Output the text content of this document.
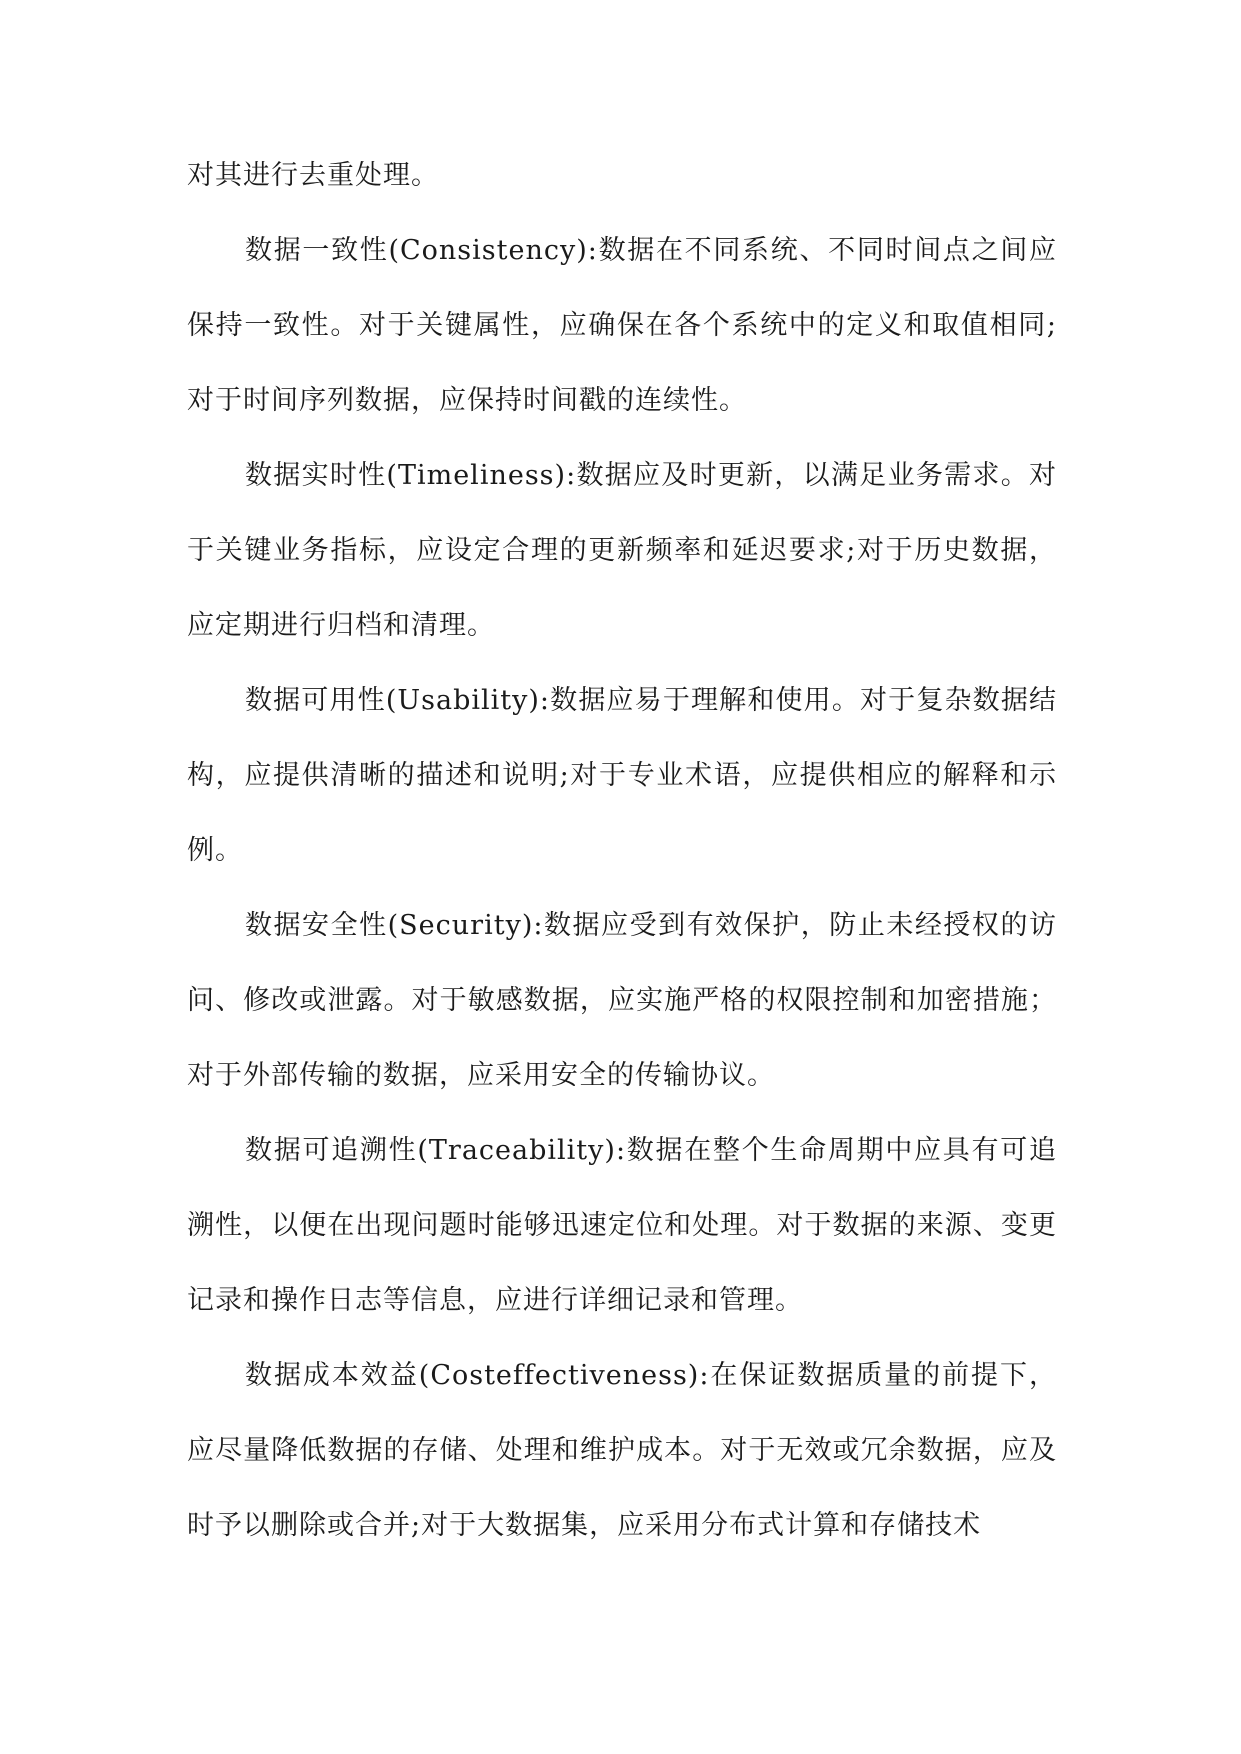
对其进行去重处理。

数据一致性(Consistency):数据在不同系统、不同时间点之间应保持一致性。对于关键属性，应确保在各个系统中的定义和取值相同;对于时间序列数据，应保持时间戳的连续性。

数据实时性(Timeliness):数据应及时更新，以满足业务需求。对于关键业务指标，应设定合理的更新频率和延迟要求;对于历史数据，应定期进行归档和清理。

数据可用性(Usability):数据应易于理解和使用。对于复杂数据结构，应提供清晰的描述和说明;对于专业术语，应提供相应的解释和示例。

数据安全性(Security):数据应受到有效保护，防止未经授权的访问、修改或泄露。对于敏感数据，应实施严格的权限控制和加密措施；对于外部传输的数据，应采用安全的传输协议。

数据可追溯性(Traceability):数据在整个生命周期中应具有可追溯性，以便在出现问题时能够迅速定位和处理。对于数据的来源、变更记录和操作日志等信息，应进行详细记录和管理。

数据成本效益(Costeffectiveness):在保证数据质量的前提下，应尽量降低数据的存储、处理和维护成本。对于无效或冗余数据，应及时予以删除或合并;对于大数据集，应采用分布式计算和存储技术
